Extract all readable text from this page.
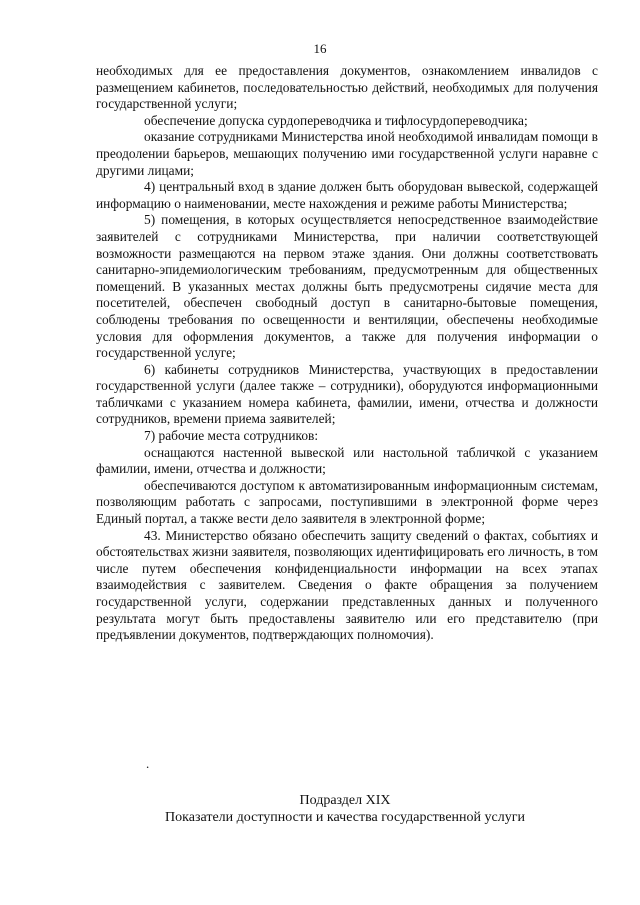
16

необходимых для ее предоставления документов, ознакомлением инвалидов с размещением кабинетов, последовательностью действий, необходимых для получения государственной услуги;

обеспечение допуска сурдопереводчика и тифлосурдопереводчика;

оказание сотрудниками Министерства иной необходимой инвалидам помощи в преодолении барьеров, мешающих получению ими государственной услуги наравне с другими лицами;

4) центральный вход в здание должен быть оборудован вывеской, содержащей информацию о наименовании, месте нахождения и режиме работы Министерства;

5) помещения, в которых осуществляется непосредственное взаимодействие заявителей с сотрудниками Министерства, при наличии соответствующей возможности размещаются на первом этаже здания. Они должны соответствовать санитарно-эпидемиологическим требованиям, предусмотренным для общественных помещений. В указанных местах должны быть предусмотрены сидячие места для посетителей, обеспечен свободный доступ в санитарно-бытовые помещения, соблюдены требования по освещенности и вентиляции, обеспечены необходимые условия для оформления документов, а также для получения информации о государственной услуге;

6) кабинеты сотрудников Министерства, участвующих в предоставлении государственной услуги (далее также – сотрудники), оборудуются информационными табличками с указанием номера кабинета, фамилии, имени, отчества и должности сотрудников, времени приема заявителей;

7) рабочие места сотрудников:

оснащаются настенной вывеской или настольной табличкой с указанием фамилии, имени, отчества и должности;

обеспечиваются доступом к автоматизированным информационным системам, позволяющим работать с запросами, поступившими в электронной форме через Единый портал, а также вести дело заявителя в электронной форме;

43. Министерство обязано обеспечить защиту сведений о фактах, событиях и обстоятельствах жизни заявителя, позволяющих идентифицировать его личность, в том числе путем обеспечения конфиденциальности информации на всех этапах взаимодействия с заявителем. Сведения о факте обращения за получением государственной услуги, содержании представленных данных и полученного результата могут быть предоставлены заявителю или его представителю (при предъявлении документов, подтверждающих полномочия).

.
Подраздел XIX
Показатели доступности и качества государственной услуги
